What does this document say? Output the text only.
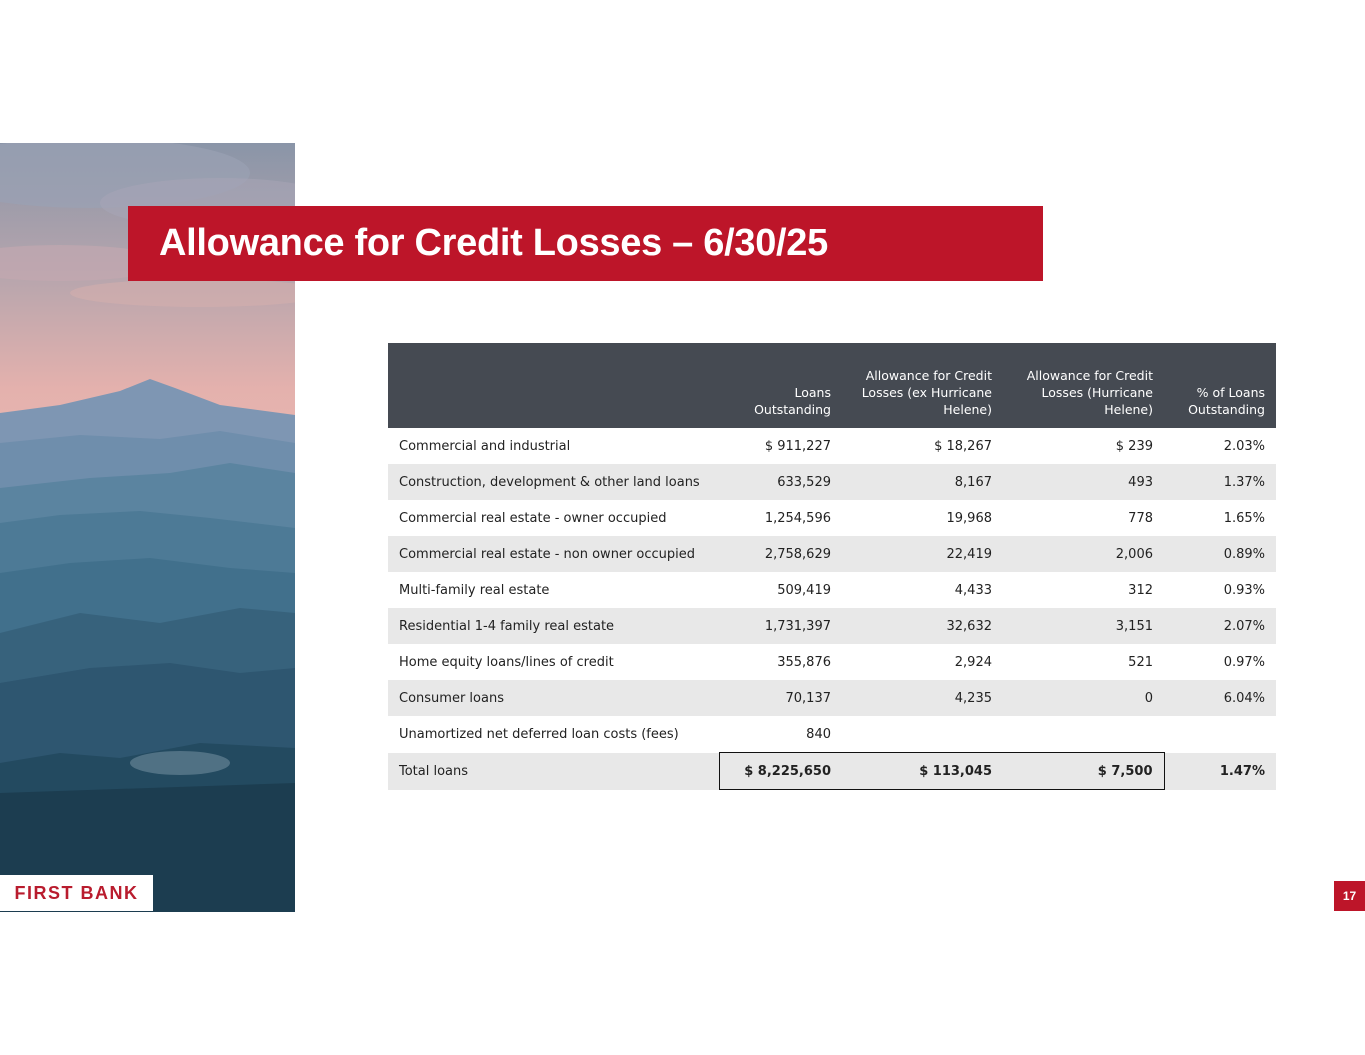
FIRST BANK
Allowance for Credit Losses – 6/30/25
	Loans
Outstanding	Allowance for Credit
Losses (ex Hurricane
Helene)	Allowance for Credit
Losses (Hurricane
Helene)	% of Loans
Outstanding
Commercial and industrial	$ 911,227	$ 18,267	$ 239	2.03%
Construction, development & other land loans	633,529	8,167	493	1.37%
Commercial real estate - owner occupied	1,254,596	19,968	778	1.65%
Commercial real estate - non owner occupied	2,758,629	22,419	2,006	0.89%
Multi-family real estate	509,419	4,433	312	0.93%
Residential 1-4 family real estate	1,731,397	32,632	3,151	2.07%
Home equity loans/lines of credit	355,876	2,924	521	0.97%
Consumer loans	70,137	4,235	0	6.04%
Unamortized net deferred loan costs (fees)	840			
Total loans	$ 8,225,650	$ 113,045	$ 7,500	1.47%
17
